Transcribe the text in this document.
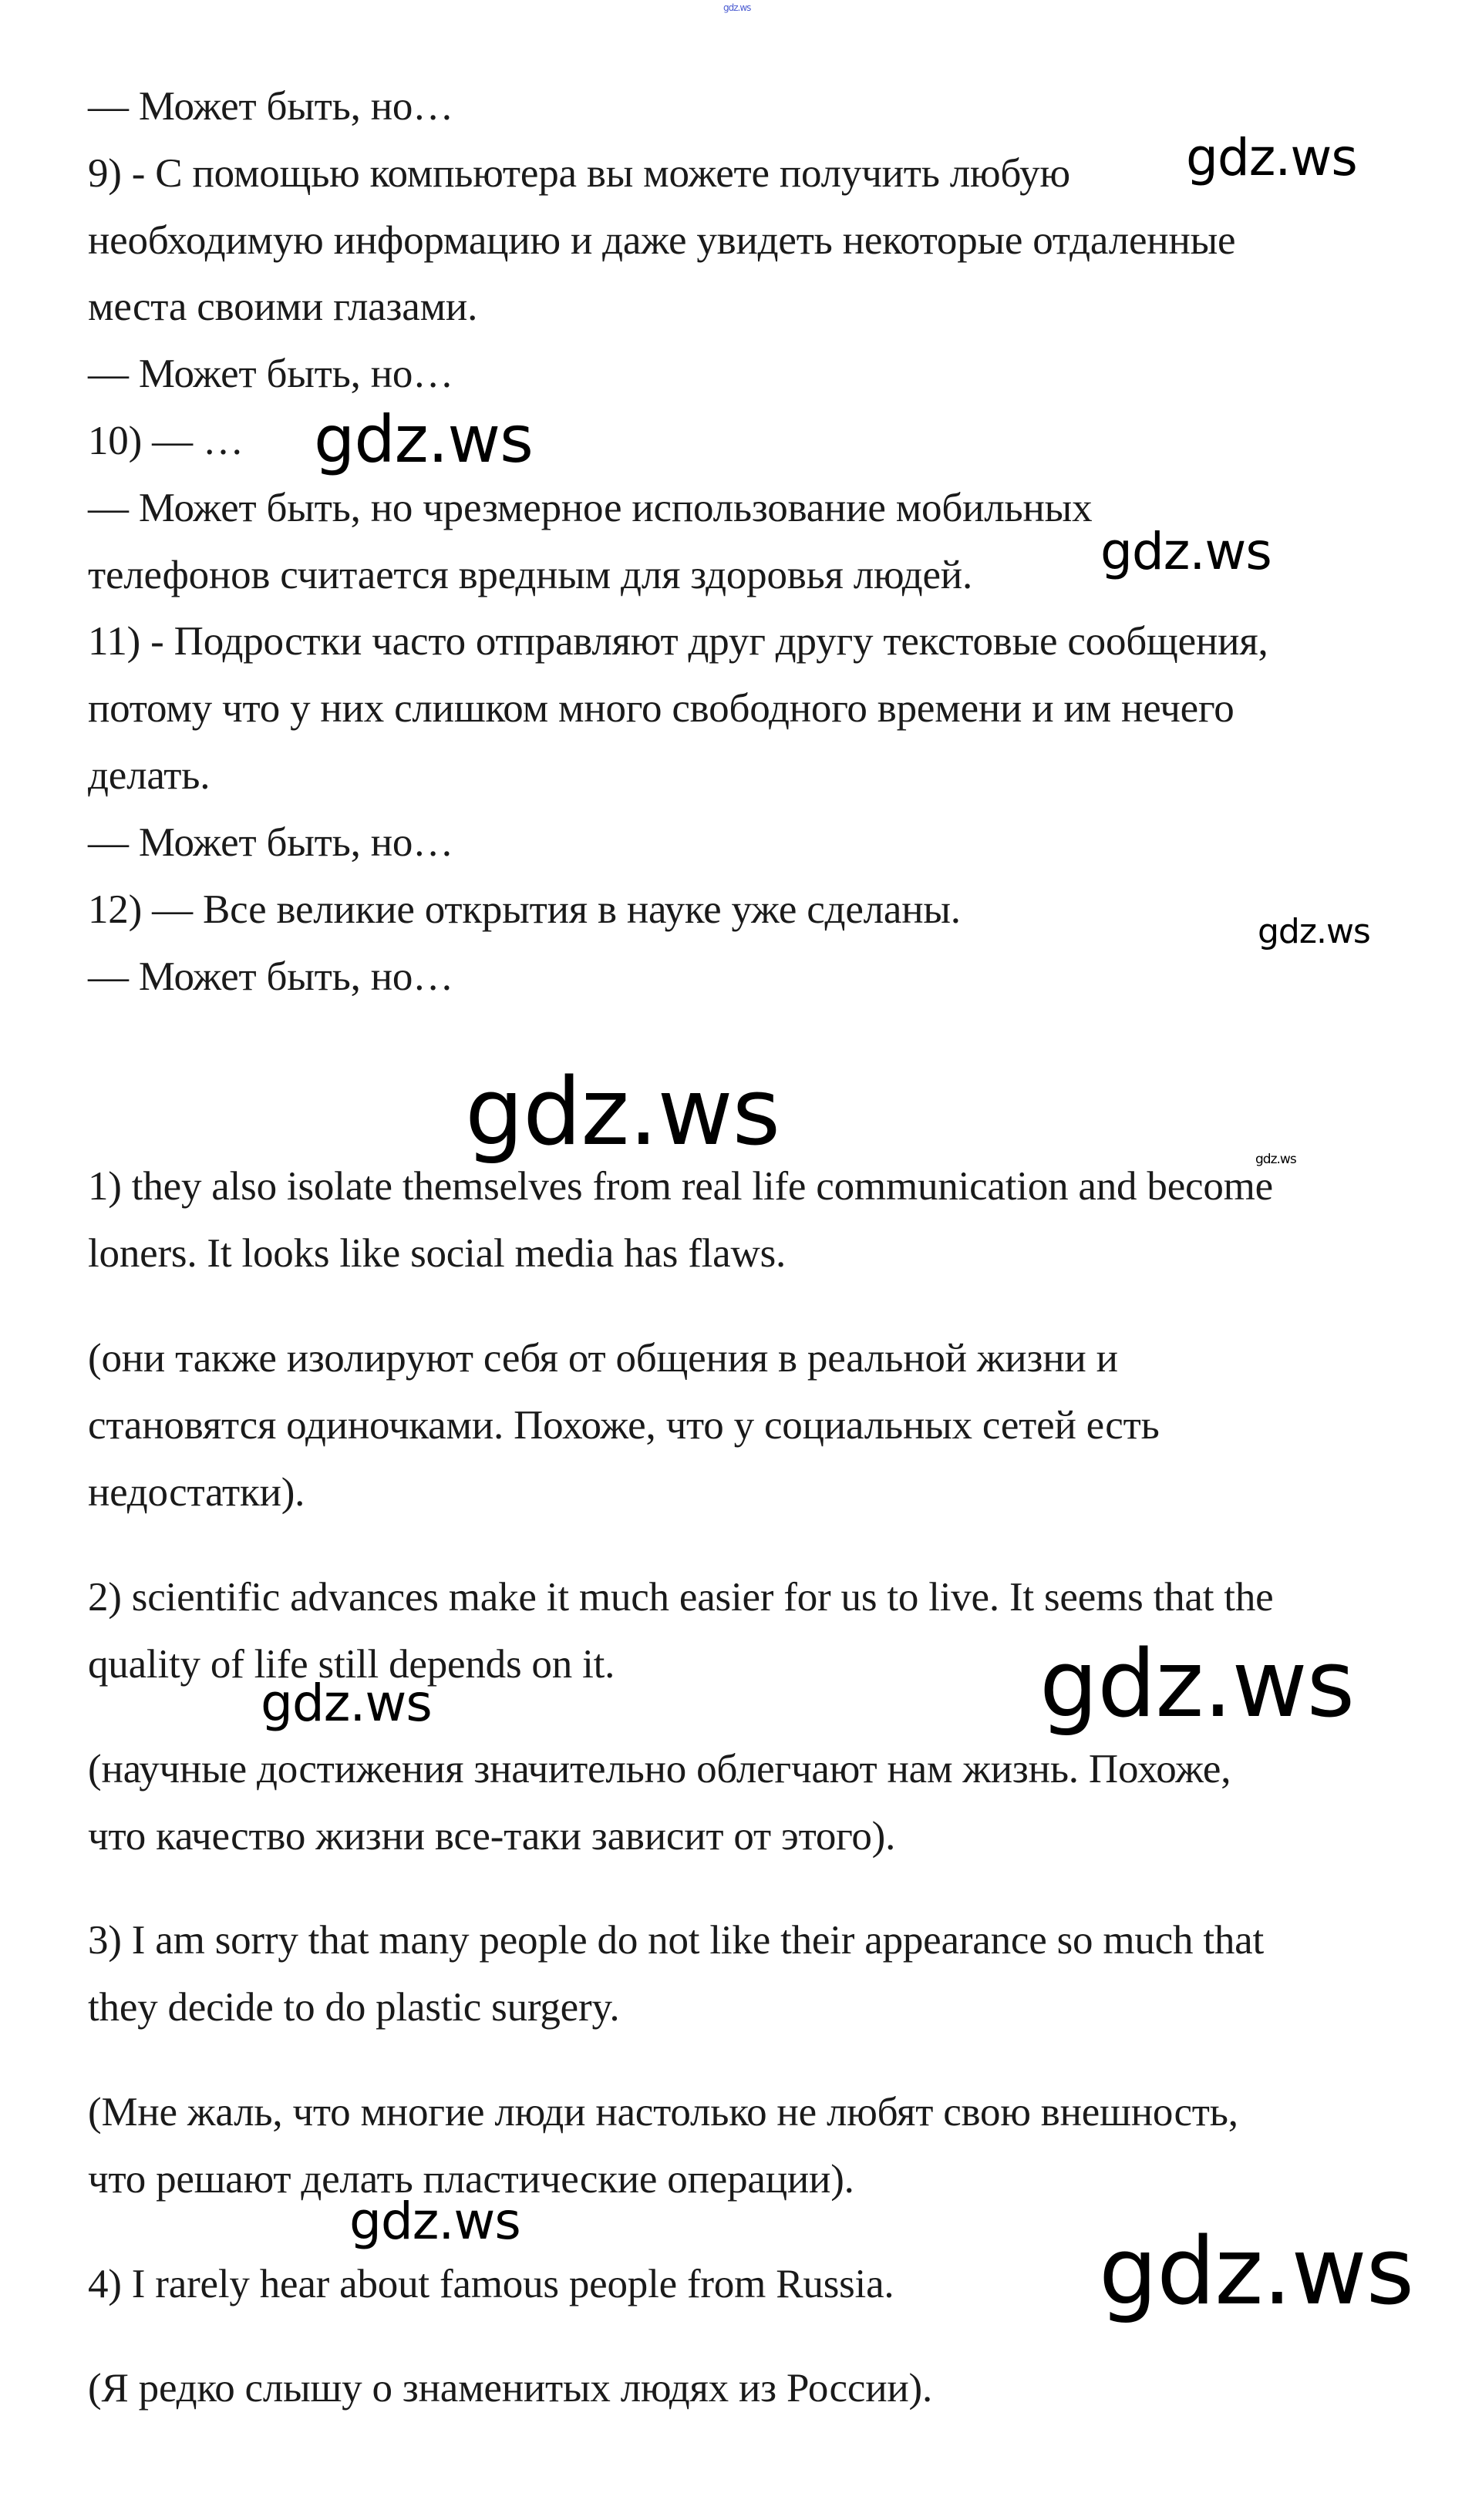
gdz.ws
— Может быть, но…
9) - С помощью компьютера вы можете получить любую
необходимую информацию и даже увидеть некоторые отдаленные
места своими глазами.
— Может быть, но…
10) — …
— Может быть, но чрезмерное использование мобильных
телефонов считается вредным для здоровья людей.
11) - Подростки часто отправляют друг другу текстовые сообщения,
потому что у них слишком много свободного времени и им нечего
делать.
— Может быть, но…
12) — Все великие открытия в науке уже сделаны.
— Может быть, но…
1) they also isolate themselves from real life communication and become
loners. It looks like social media has flaws.
(они также изолируют себя от общения в реальной жизни и
становятся одиночками. Похоже, что у социальных сетей есть
недостатки).
2) scientific advances make it much easier for us to live. It seems that the
quality of life still depends on it.
(научные достижения значительно облегчают нам жизнь. Похоже,
что качество жизни все-таки зависит от этого).
3) I am sorry that many people do not like their appearance so much that
they decide to do plastic surgery.
(Мне жаль, что многие люди настолько не любят свою внешность,
что решают делать пластические операции).
4) I rarely hear about famous people from Russia.
(Я редко слышу о знаменитых людях из России).
gdz.ws
gdz.ws
gdz.ws
gdz.ws
gdz.ws	gdz.ws
gdz.ws	gdz.ws
gdz.ws	gdz.ws
